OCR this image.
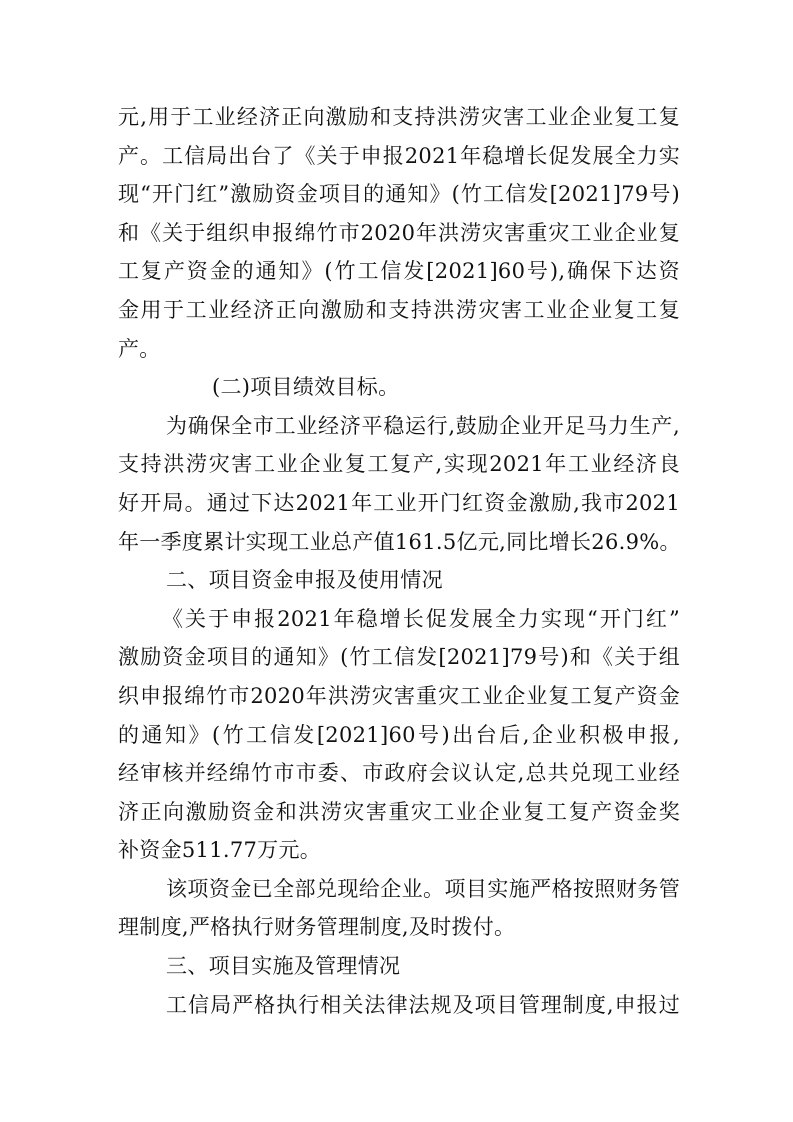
元,用于工业经济正向激励和支持洪涝灾害工业企业复工复
产。工信局出台了《关于申报2021年稳增长促发展全力实
现“开门红”激励资金项目的通知》(竹工信发[2021]79号)
和《关于组织申报绵竹市2020年洪涝灾害重灾工业企业复
工复产资金的通知》(竹工信发[2021]60号),确保下达资
金用于工业经济正向激励和支持洪涝灾害工业企业复工复
产。
(二)项目绩效目标。
为确保全市工业经济平稳运行,鼓励企业开足马力生产,
支持洪涝灾害工业企业复工复产,实现2021年工业经济良
好开局。通过下达2021年工业开门红资金激励,我市2021
年一季度累计实现工业总产值161.5亿元,同比增长26.9%。
二、项目资金申报及使用情况
《关于申报2021年稳增长促发展全力实现“开门红”
激励资金项目的通知》(竹工信发[2021]79号)和《关于组
织申报绵竹市2020年洪涝灾害重灾工业企业复工复产资金
的通知》(竹工信发[2021]60号)出台后,企业积极申报,
经审核并经绵竹市市委、市政府会议认定,总共兑现工业经
济正向激励资金和洪涝灾害重灾工业企业复工复产资金奖
补资金511.77万元。
该项资金已全部兑现给企业。项目实施严格按照财务管
理制度,严格执行财务管理制度,及时拨付。
三、项目实施及管理情况
工信局严格执行相关法律法规及项目管理制度,申报过
